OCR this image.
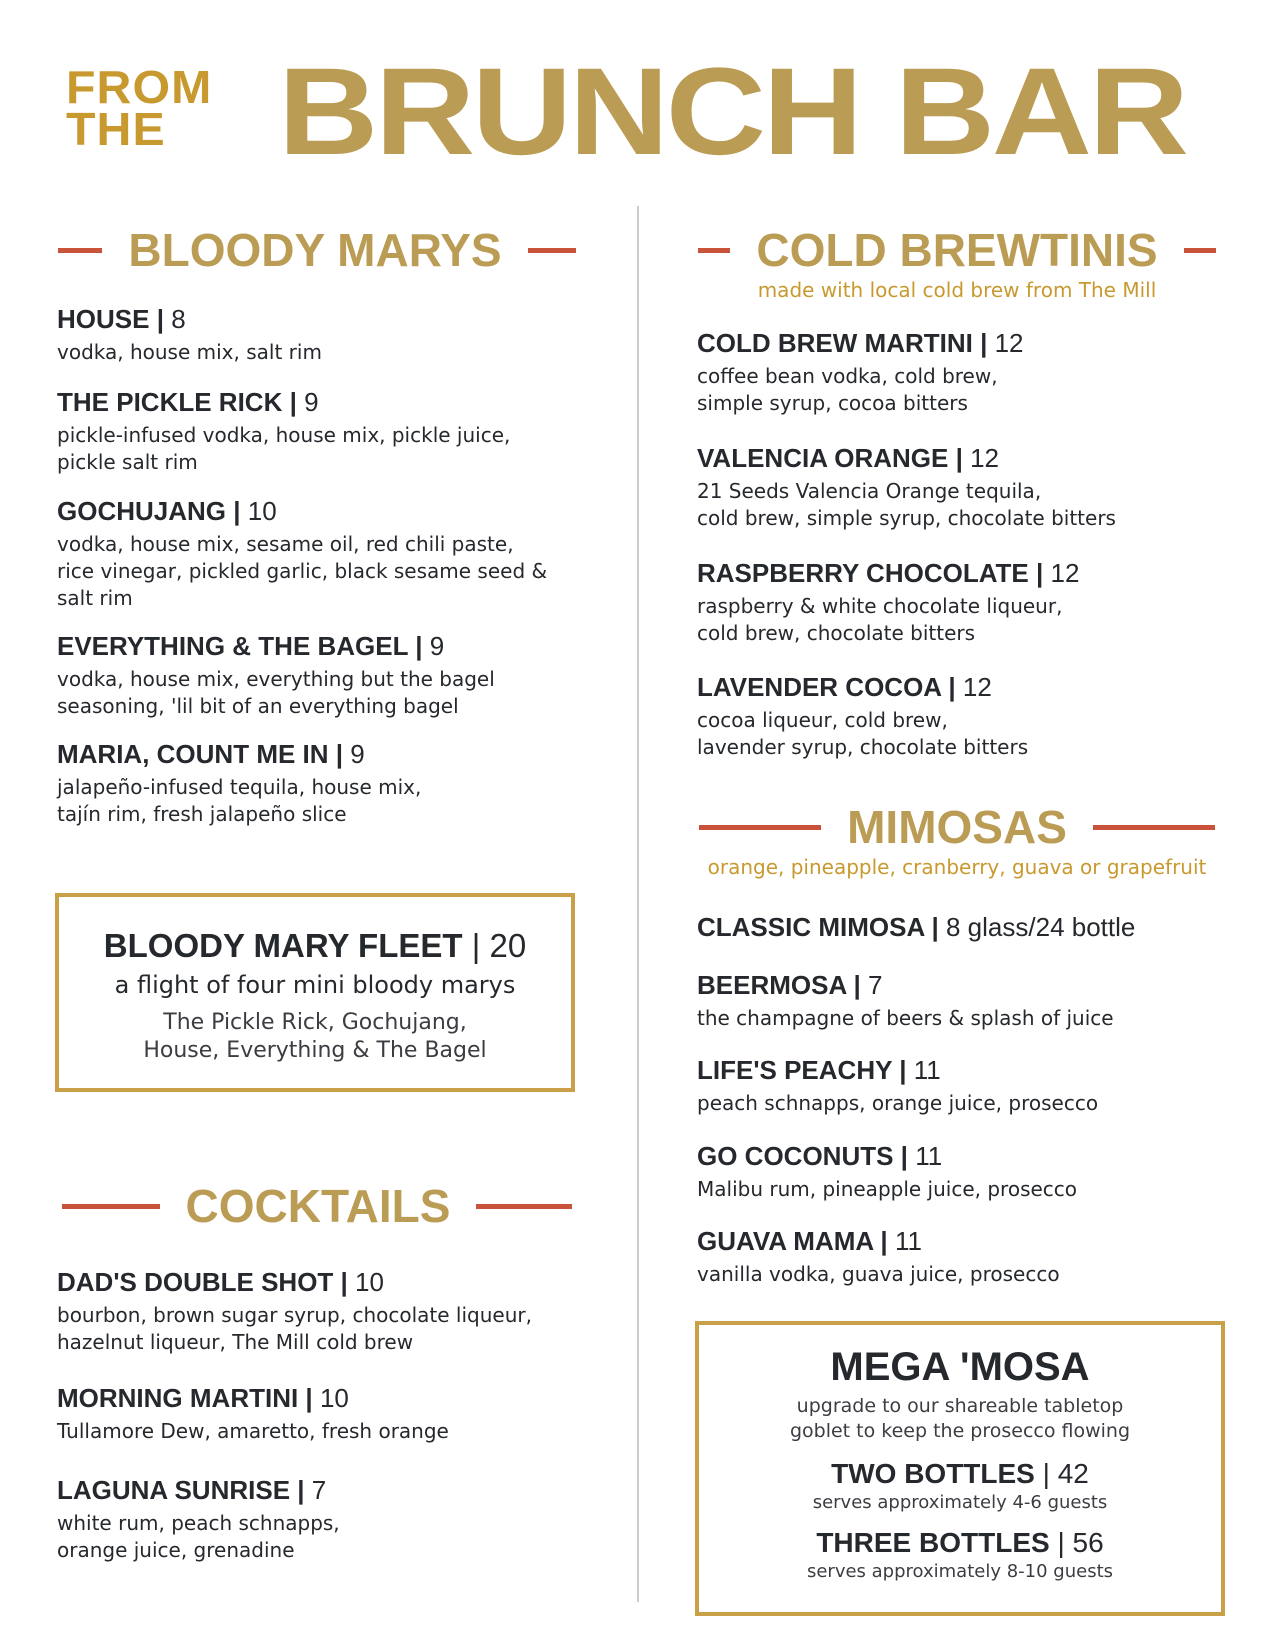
FROM
THE BRUNCH BAR
BLOODY MARYS
HOUSE | 8
vodka, house mix, salt rim
THE PICKLE RICK | 9
pickle-infused vodka, house mix, pickle juice,
pickle salt rim
GOCHUJANG | 10
vodka, house mix, sesame oil, red chili paste,
rice vinegar, pickled garlic, black sesame seed &
salt rim
EVERYTHING & THE BAGEL | 9
vodka, house mix, everything but the bagel
seasoning, 'lil bit of an everything bagel
MARIA, COUNT ME IN | 9
jalapeño-infused tequila, house mix,
tajín rim, fresh jalapeño slice
BLOODY MARY FLEET | 20
a flight of four mini bloody marys
The Pickle Rick, Gochujang,
House, Everything & The Bagel
COCKTAILS
DAD'S DOUBLE SHOT | 10
bourbon, brown sugar syrup, chocolate liqueur,
hazelnut liqueur, The Mill cold brew
MORNING MARTINI | 10
Tullamore Dew, amaretto, fresh orange
LAGUNA SUNRISE | 7
white rum, peach schnapps,
orange juice, grenadine
COLD BREWTINIS
made with local cold brew from The Mill
COLD BREW MARTINI | 12
coffee bean vodka, cold brew,
simple syrup, cocoa bitters
VALENCIA ORANGE | 12
21 Seeds Valencia Orange tequila,
cold brew, simple syrup, chocolate bitters
RASPBERRY CHOCOLATE | 12
raspberry & white chocolate liqueur,
cold brew, chocolate bitters
LAVENDER COCOA | 12
cocoa liqueur, cold brew,
lavender syrup, chocolate bitters
MIMOSAS
orange, pineapple, cranberry, guava or grapefruit
CLASSIC MIMOSA | 8 glass/24 bottle
BEERMOSA | 7
the champagne of beers & splash of juice
LIFE'S PEACHY | 11
peach schnapps, orange juice, prosecco
GO COCONUTS | 11
Malibu rum, pineapple juice, prosecco
GUAVA MAMA | 11
vanilla vodka, guava juice, prosecco
MEGA 'MOSA
upgrade to our shareable tabletop
goblet to keep the prosecco flowing
TWO BOTTLES | 42
serves approximately 4-6 guests
THREE BOTTLES | 56
serves approximately 8-10 guests
